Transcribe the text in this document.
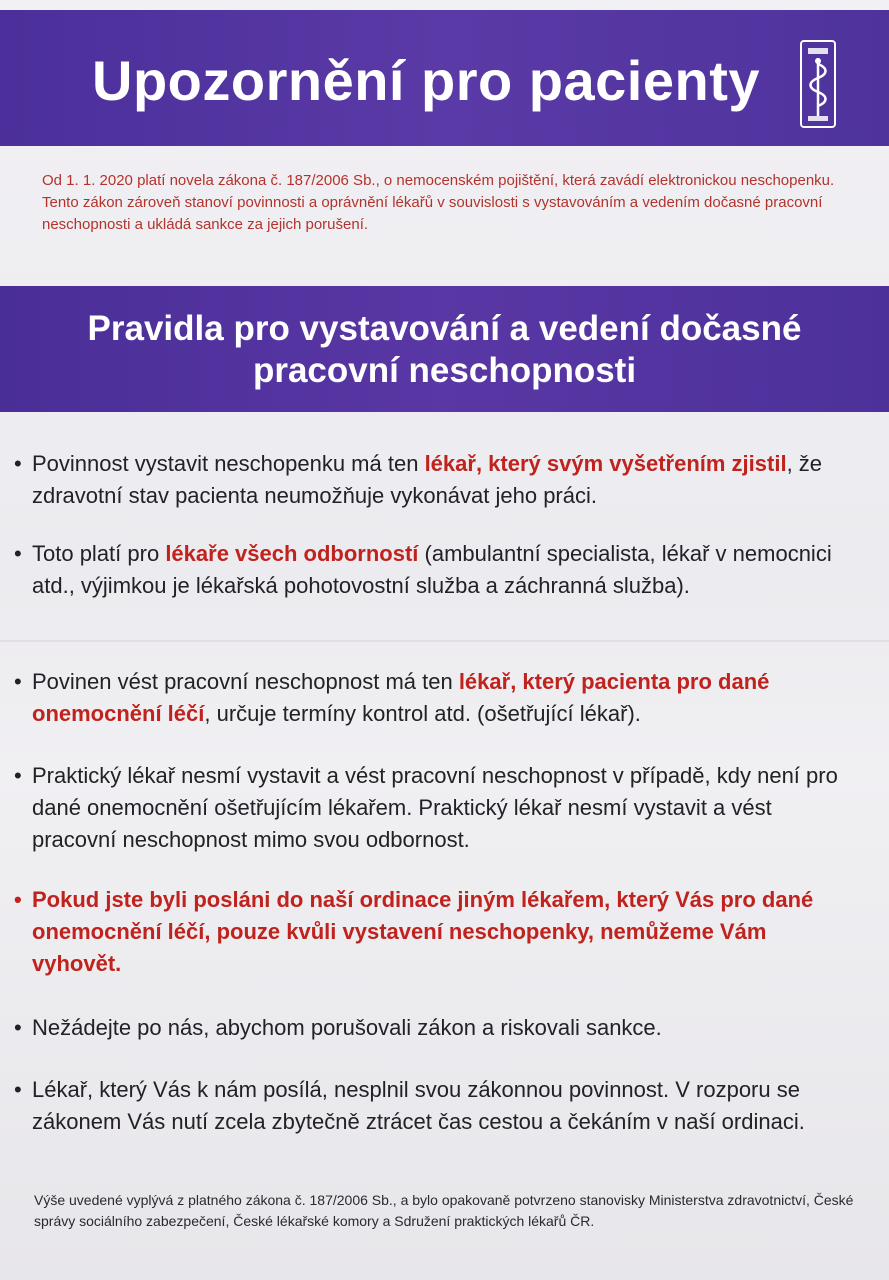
Upozornění pro pacienty
Od 1. 1. 2020 platí novela zákona č. 187/2006 Sb., o nemocenském pojištění, která zavádí elektronickou neschopenku. Tento zákon zároveň stanoví povinnosti a oprávnění lékařů v souvislosti s vystavováním a vedením dočasné pracovní neschopnosti a ukládá sankce za jejich porušení.
Pravidla pro vystavování a vedení dočasné
pracovní neschopnosti
• Povinnost vystavit neschopenku má ten lékař, který svým vyšetřením zjistil, že zdravotní stav pacienta neumožňuje vykonávat jeho práci.
• Toto platí pro lékaře všech odborností (ambulantní specialista, lékař v nemocnici atd., výjimkou je lékařská pohotovostní služba a záchranná služba).
• Povinen vést pracovní neschopnost má ten lékař, který pacienta pro dané onemocnění léčí, určuje termíny kontrol atd. (ošetřující lékař).
• Praktický lékař nesmí vystavit a vést pracovní neschopnost v případě, kdy není pro dané onemocnění ošetřujícím lékařem. Praktický lékař nesmí vystavit a vést pracovní neschopnost mimo svou odbornost.
• Pokud jste byli posláni do naší ordinace jiným lékařem, který Vás pro dané onemocnění léčí, pouze kvůli vystavení neschopenky, nemůžeme Vám vyhovět.
• Nežádejte po nás, abychom porušovali zákon a riskovali sankce.
• Lékař, který Vás k nám posílá, nesplnil svou zákonnou povinnost. V rozporu se zákonem Vás nutí zcela zbytečně ztrácet čas cestou a čekáním v naší ordinaci.
Výše uvedené vyplývá z platného zákona č. 187/2006 Sb., a bylo opakovaně potvrzeno stanovisky Ministerstva zdravotnictví, České správy sociálního zabezpečení, České lékařské komory a Sdružení praktických lékařů ČR.
